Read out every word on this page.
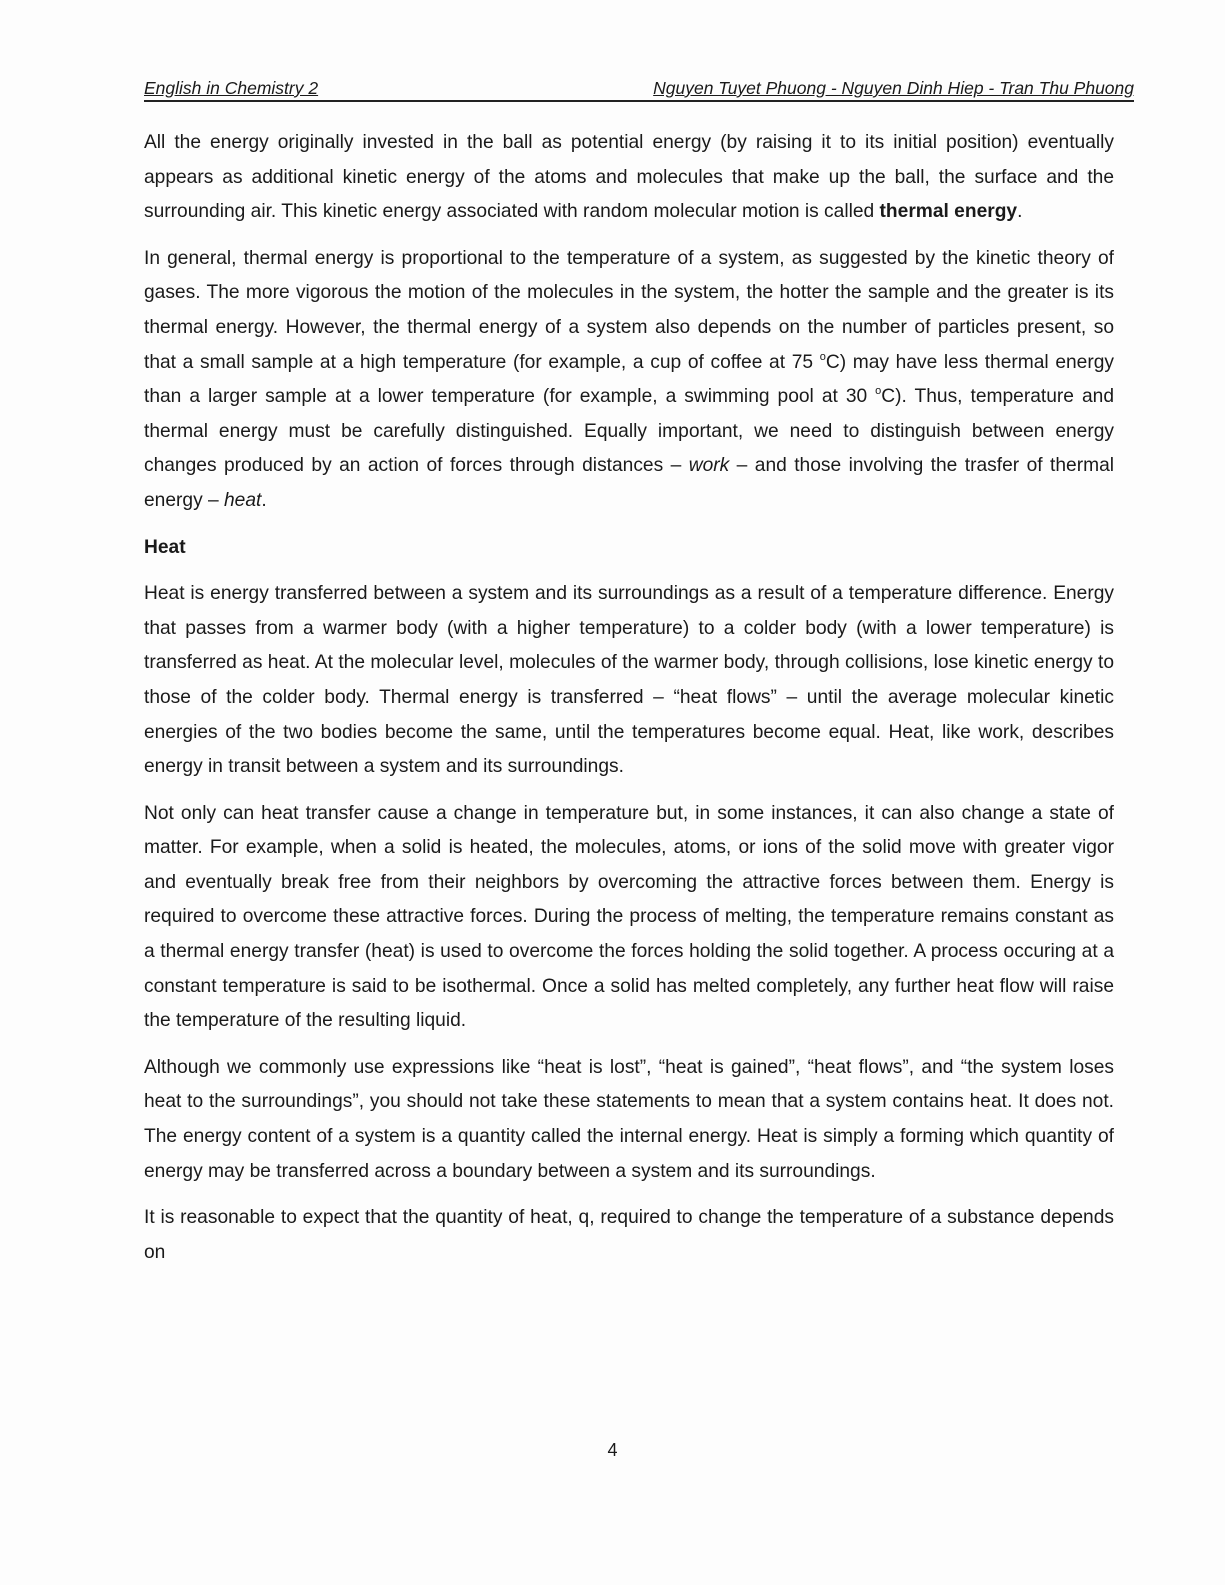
English in Chemistry 2	Nguyen Tuyet Phuong - Nguyen Dinh Hiep - Tran Thu Phuong

All the energy originally invested in the ball as potential energy (by raising it to its initial position) eventually appears as additional kinetic energy of the atoms and molecules that make up the ball, the surface and the surrounding air. This kinetic energy associated with random molecular motion is called thermal energy.

In general, thermal energy is proportional to the temperature of a system, as suggested by the kinetic theory of gases. The more vigorous the motion of the molecules in the system, the hotter the sample and the greater is its thermal energy. However, the thermal energy of a system also depends on the number of particles present, so that a small sample at a high temperature (for example, a cup of coffee at 75 $^o$C) may have less thermal energy than a larger sample at a lower temperature (for example, a swimming pool at 30 $^o$C). Thus, temperature and thermal energy must be carefully distinguished. Equally important, we need to distinguish between energy changes produced by an action of forces through distances – work – and those involving the trasfer of thermal energy – heat.

Heat

Heat is energy transferred between a system and its surroundings as a result of a temperature difference. Energy that passes from a warmer body (with a higher temperature) to a colder body (with a lower temperature) is transferred as heat. At the molecular level, molecules of the warmer body, through collisions, lose kinetic energy to those of the colder body. Thermal energy is transferred – “heat flows” – until the average molecular kinetic energies of the two bodies become the same, until the temperatures become equal. Heat, like work, describes energy in transit between a system and its surroundings.

Not only can heat transfer cause a change in temperature but, in some instances, it can also change a state of matter. For example, when a solid is heated, the molecules, atoms, or ions of the solid move with greater vigor and eventually break free from their neighbors by overcoming the attractive forces between them. Energy is required to overcome these attractive forces. During the process of melting, the temperature remains constant as a thermal energy transfer (heat) is used to overcome the forces holding the solid together. A process occuring at a constant temperature is said to be isothermal. Once a solid has melted completely, any further heat flow will raise the temperature of the resulting liquid.

Although we commonly use expressions like “heat is lost”, “heat is gained”, “heat flows”, and “the system loses heat to the surroundings”, you should not take these statements to mean that a system contains heat. It does not. The energy content of a system is a quantity called the internal energy. Heat is simply a forming which quantity of energy may be transferred across a boundary between a system and its surroundings.

It is reasonable to expect that the quantity of heat, q, required to change the temperature of a substance depends on

4
